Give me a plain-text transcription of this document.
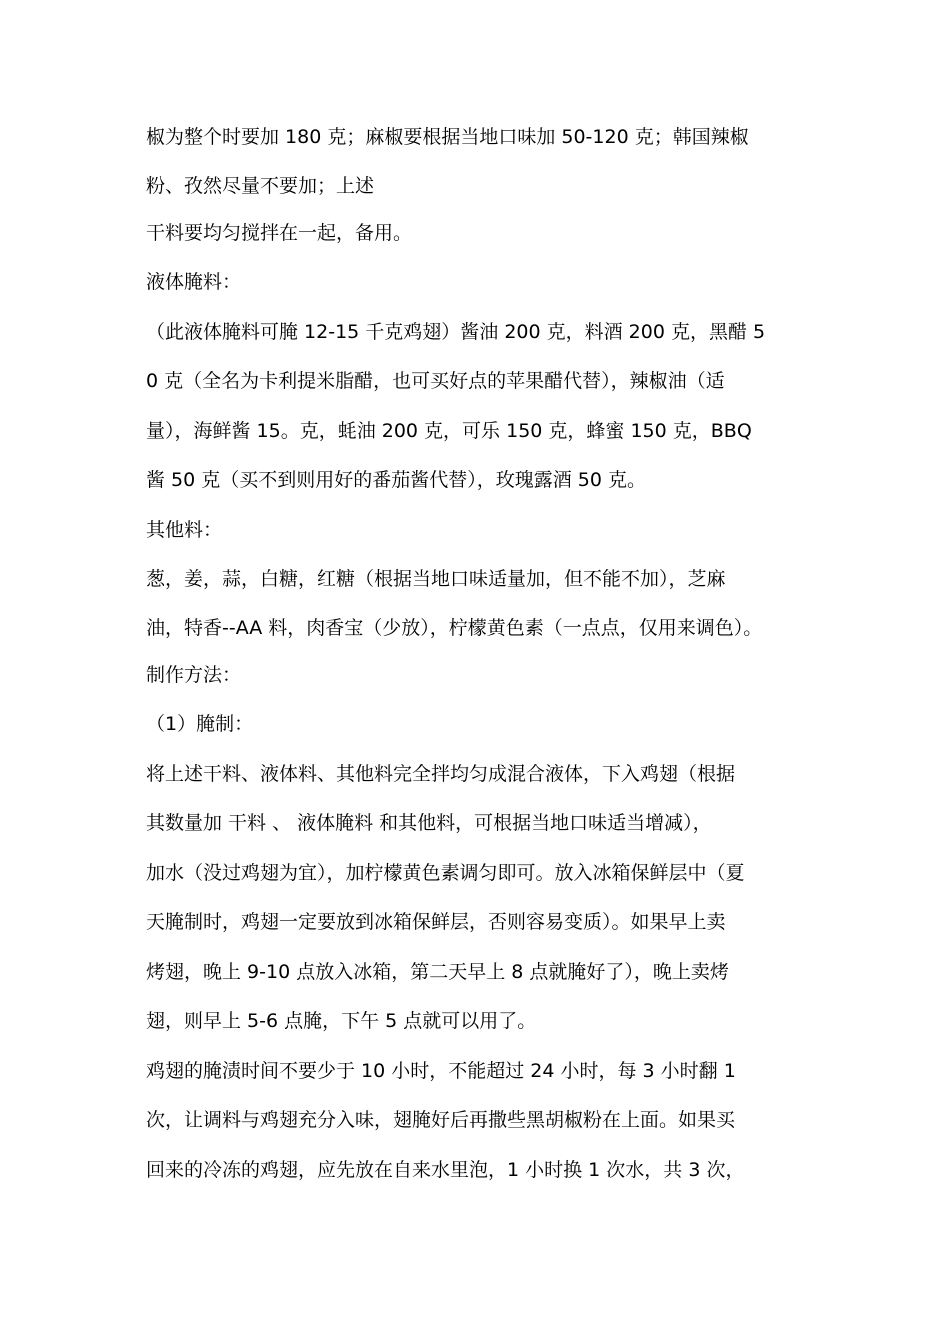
椒为整个时要加 180 克；麻椒要根据当地口味加 50-120 克；韩国辣椒
粉、孜然尽量不要加；上述
干料要均匀搅拌在一起，备用。
液体腌料：
（此液体腌料可腌 12-15 千克鸡翅）酱油 200 克，料酒 200 克，黑醋 5
0 克（全名为卡利提米脂醋，也可买好点的苹果醋代替），辣椒油（适
量），海鲜酱 15。克，蚝油 200 克，可乐 150 克，蜂蜜 150 克，BBQ
酱 50 克（买不到则用好的番茄酱代替），玫瑰露酒 50 克。
其他料：
葱，姜，蒜，白糖，红糖（根据当地口味适量加，但不能不加），芝麻
油，特香--AA 料，肉香宝（少放），柠檬黄色素（一点点，仅用来调色）。
制作方法：
（1）腌制：
将上述干料、液体料、其他料完全拌均匀成混合液体，下入鸡翅（根据
其数量加 干料 、 液体腌料 和其他料，可根据当地口味适当增减），
加水（没过鸡翅为宜），加柠檬黄色素调匀即可。放入冰箱保鲜层中（夏
天腌制时，鸡翅一定要放到冰箱保鲜层，否则容易变质）。如果早上卖
烤翅，晚上 9-10 点放入冰箱，第二天早上 8 点就腌好了），晚上卖烤
翅，则早上 5-6 点腌，下午 5 点就可以用了。
鸡翅的腌渍时间不要少于 10 小时，不能超过 24 小时，每 3 小时翻 1
次，让调料与鸡翅充分入味，翅腌好后再撒些黑胡椒粉在上面。如果买
回来的冷冻的鸡翅，应先放在自来水里泡，1 小时换 1 次水，共 3 次，
